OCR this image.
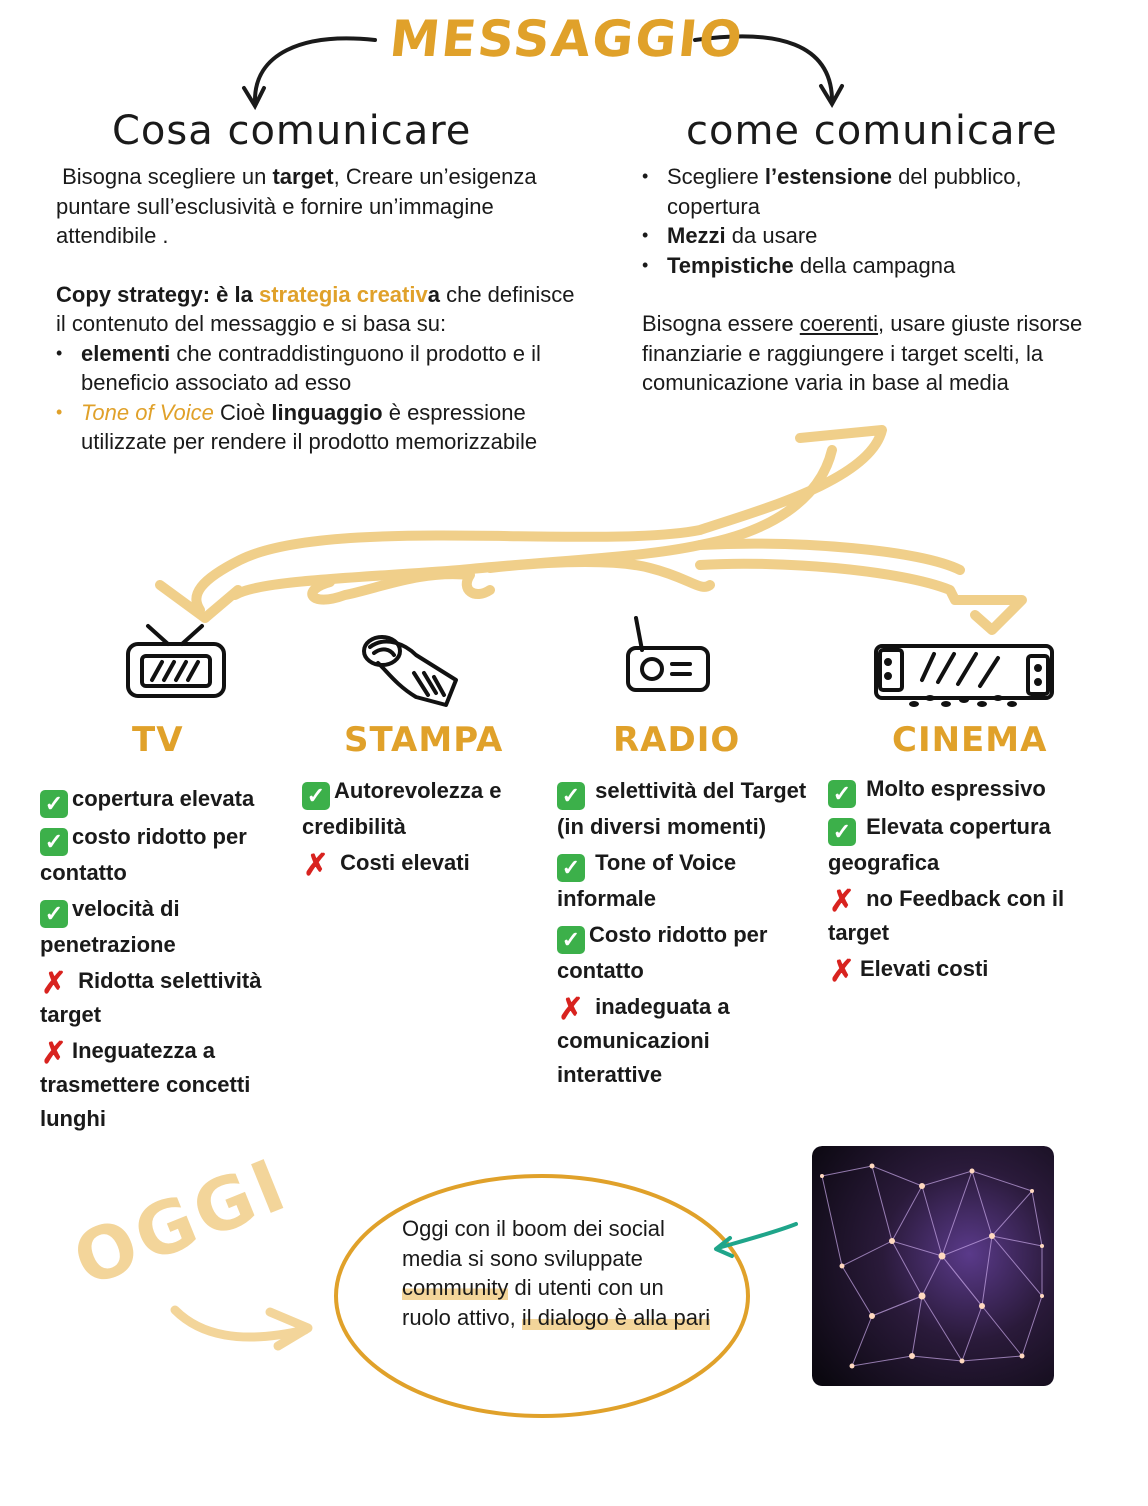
MESSAGGIO
Cosa comunicare	come comunicare
Bisogna scegliere un target, Creare un’esigenza puntare sull’esclusività e fornire un’immagine attendibile .
Copy strategy: è la strategia creativa che definisce il contenuto del messaggio e si basa su:
• elementi che contraddistinguono il prodotto e il beneficio associato ad esso
• Tone of Voice Cioè linguaggio è espressione utilizzate per rendere il prodotto memorizzabile
• Scegliere l’estensione del pubblico, copertura
• Mezzi da usare
• Tempistiche della campagna
Bisogna essere coerenti, usare giuste risorse finanziarie e raggiungere i target scelti, la comunicazione varia in base al media
TV
✓ copertura elevata
✓ costo ridotto per contatto
✓ velocità di penetrazione
✗ Ridotta selettività target
✗ Ineguatezza a trasmettere concetti lunghi
STAMPA
✓ Autorevolezza e credibilità
✗ Costi elevati
RADIO
✓ selettività del Target (in diversi momenti)
✓ Tone of Voice informale
✓ Costo ridotto per contatto
✗ inadeguata a comunicazioni interattive
CINEMA
✓ Molto espressivo
✓ Elevata copertura geografica
✗ no Feedback con il target
✗ Elevati costi
OGGI	Oggi con il boom dei social media si sono sviluppate community di utenti con un ruolo attivo, il dialogo è alla pari
